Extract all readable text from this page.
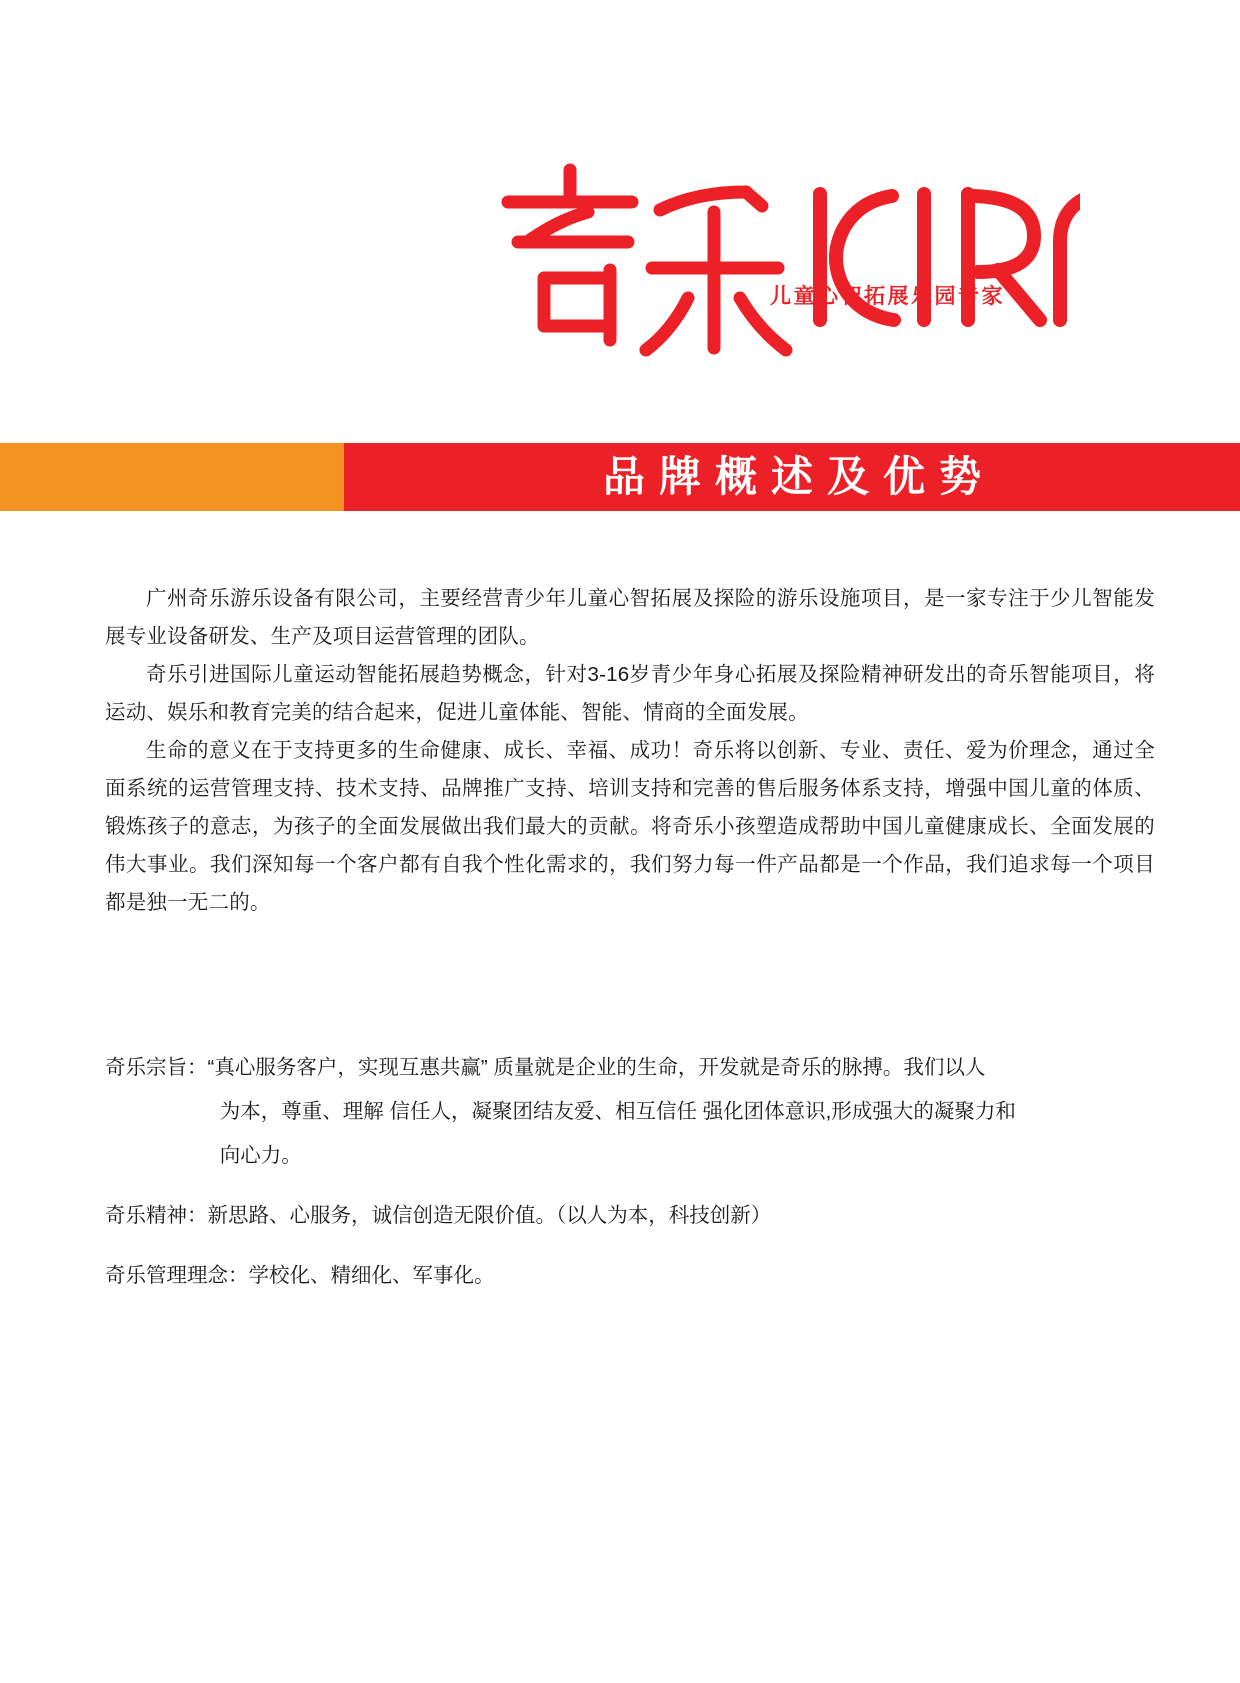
儿童心智拓展乐园专家
品牌概述及优势

广州奇乐游乐设备有限公司，主要经营青少年儿童心智拓展及探险的游乐设施项目，是一家专注于少儿智能发展专业设备研发、生产及项目运营管理的团队。

奇乐引进国际儿童运动智能拓展趋势概念，针对3-16岁青少年身心拓展及探险精神研发出的奇乐智能项目，将运动、娱乐和教育完美的结合起来，促进儿童体能、智能、情商的全面发展。

生命的意义在于支持更多的生命健康、成长、幸福、成功！奇乐将以创新、专业、责任、爱为价理念，通过全面系统的运营管理支持、技术支持、品牌推广支持、培训支持和完善的售后服务体系支持，增强中国儿童的体质、锻炼孩子的意志，为孩子的全面发展做出我们最大的贡献。将奇乐小孩塑造成帮助中国儿童健康成长、全面发展的伟大事业。我们深知每一个客户都有自我个性化需求的，我们努力每一件产品都是一个作品，我们追求每一个项目都是独一无二的。

奇乐宗旨：“真心服务客户，实现互惠共赢” 质量就是企业的生命，开发就是奇乐的脉搏。我们以人

为本，尊重、理解 信任人，凝聚团结友爱、相互信任 强化团体意识,形成强大的凝聚力和

向心力。

奇乐精神：新思路、心服务，诚信创造无限价值。（以人为本，科技创新）

奇乐管理理念：学校化、精细化、军事化。
